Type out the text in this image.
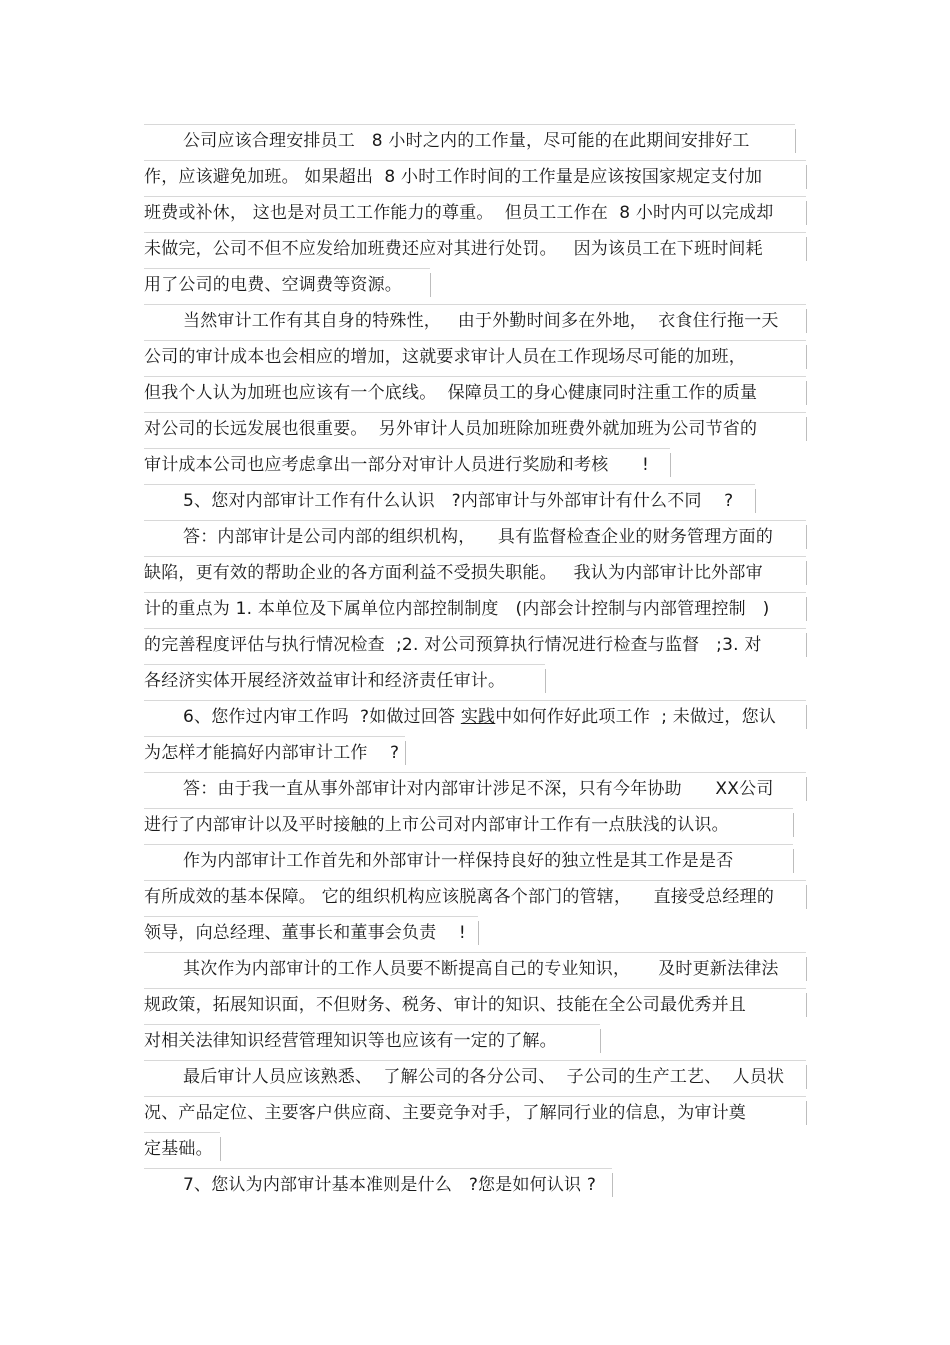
公司应该合理安排员工   8 小时之内的工作量，尽可能的在此期间安排好工
作，应该避免加班。 如果超出  8 小时工作时间的工作量是应该按国家规定支付加
班费或补休， 这也是对员工工作能力的尊重。  但员工工作在  8 小时内可以完成却
未做完，公司不但不应发给加班费还应对其进行处罚。   因为该员工在下班时间耗
用了公司的电费、空调费等资源。
当然审计工作有其自身的特殊性，   由于外勤时间多在外地，  衣食住行拖一天
公司的审计成本也会相应的增加，这就要求审计人员在工作现场尽可能的加班，
但我个人认为加班也应该有一个底线。  保障员工的身心健康同时注重工作的质量
对公司的长远发展也很重要。  另外审计人员加班除加班费外就加班为公司节省的
审计成本公司也应考虑拿出一部分对审计人员进行奖励和考核      !
5、您对内部审计工作有什么认识   ?内部审计与外部审计有什么不同    ?
答：内部审计是公司内部的组织机构，    具有监督检查企业的财务管理方面的
缺陷，更有效的帮助企业的各方面利益不受损失职能。   我认为内部审计比外部审
计的重点为 1. 本单位及下属单位内部控制制度   (内部会计控制与内部管理控制   )
的完善程度评估与执行情况检查  ;2. 对公司预算执行情况进行检查与监督   ;3. 对
各经济实体开展经济效益审计和经济责任审计。
6、您作过内审工作吗  ?如做过回答 实践中如何作好此项工作  ; 未做过，您认
为怎样才能搞好内部审计工作    ?
答：由于我一直从事外部审计对内部审计涉足不深，只有今年协助      XX公司
进行了内部审计以及平时接触的上市公司对内部审计工作有一点肤浅的认识。
作为内部审计工作首先和外部审计一样保持良好的独立性是其工作是是否
有所成效的基本保障。 它的组织机构应该脱离各个部门的管辖，    直接受总经理的
领导，向总经理、董事长和董事会负责    !
其次作为内部审计的工作人员要不断提高自己的专业知识，     及时更新法律法
规政策，拓展知识面，不但财务、税务、审计的知识、技能在全公司最优秀并且
对相关法律知识经营管理知识等也应该有一定的了解。
最后审计人员应该熟悉、  了解公司的各分公司、  子公司的生产工艺、  人员状
况、产品定位、主要客户供应商、主要竞争对手，了解同行业的信息，为审计奠
定基础。
7、您认为内部审计基本准则是什么   ?您是如何认识 ?
